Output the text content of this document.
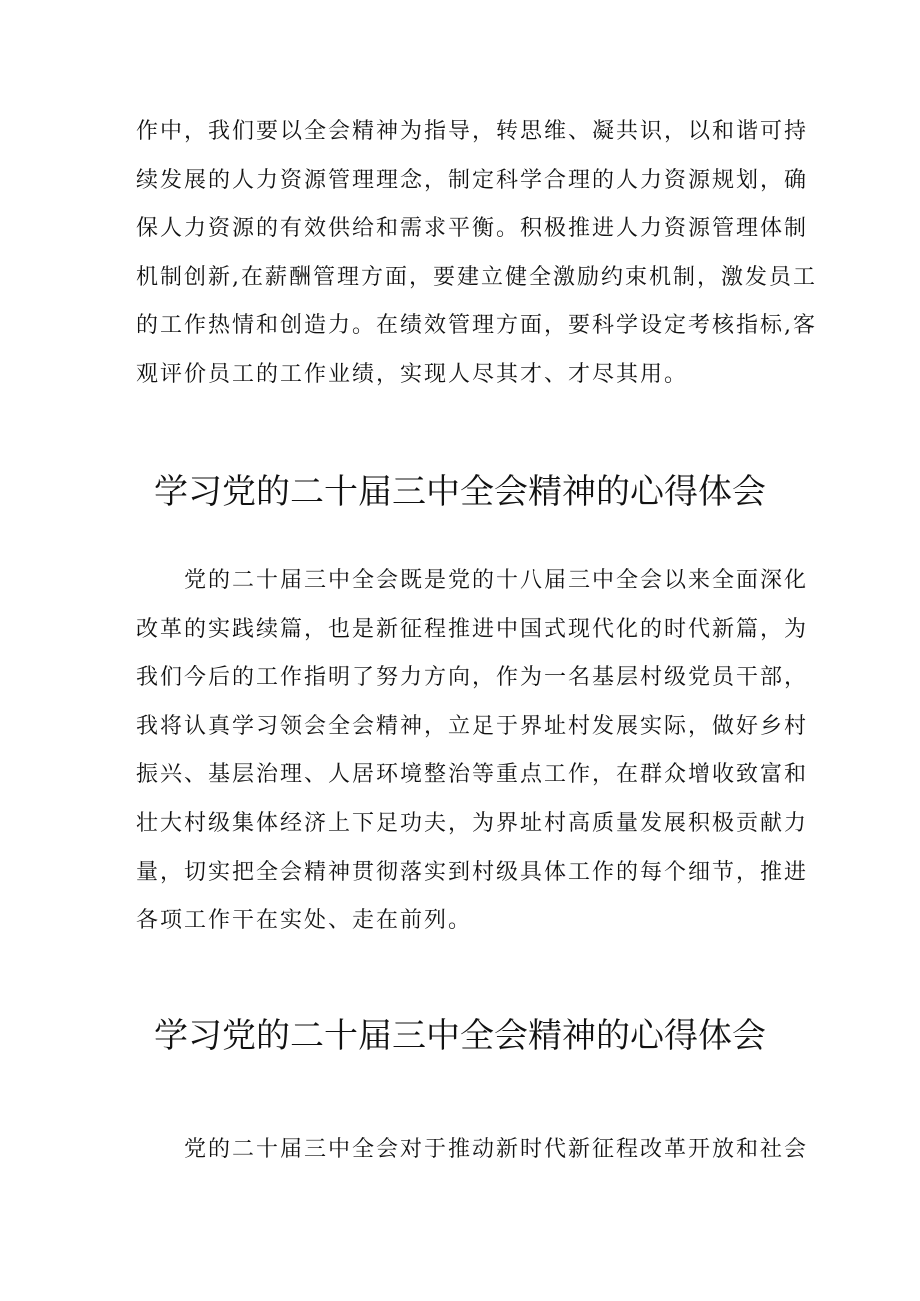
作中，我们要以全会精神为指导，转思维、凝共识，以和谐可持
续发展的人力资源管理理念，制定科学合理的人力资源规划，确
保人力资源的有效供给和需求平衡。积极推进人力资源管理体制
机制创新,在薪酬管理方面，要建立健全激励约束机制，激发员工
的工作热情和创造力。在绩效管理方面，要科学设定考核指标,客
观评价员工的工作业绩，实现人尽其才、才尽其用。
学习党的二十届三中全会精神的心得体会
党的二十届三中全会既是党的十八届三中全会以来全面深化
改革的实践续篇，也是新征程推进中国式现代化的时代新篇，为
我们今后的工作指明了努力方向，作为一名基层村级党员干部，
我将认真学习领会全会精神，立足于界址村发展实际，做好乡村
振兴、基层治理、人居环境整治等重点工作，在群众增收致富和
壮大村级集体经济上下足功夫，为界址村高质量发展积极贡献力
量，切实把全会精神贯彻落实到村级具体工作的每个细节，推进
各项工作干在实处、走在前列。
学习党的二十届三中全会精神的心得体会
党的二十届三中全会对于推动新时代新征程改革开放和社会
